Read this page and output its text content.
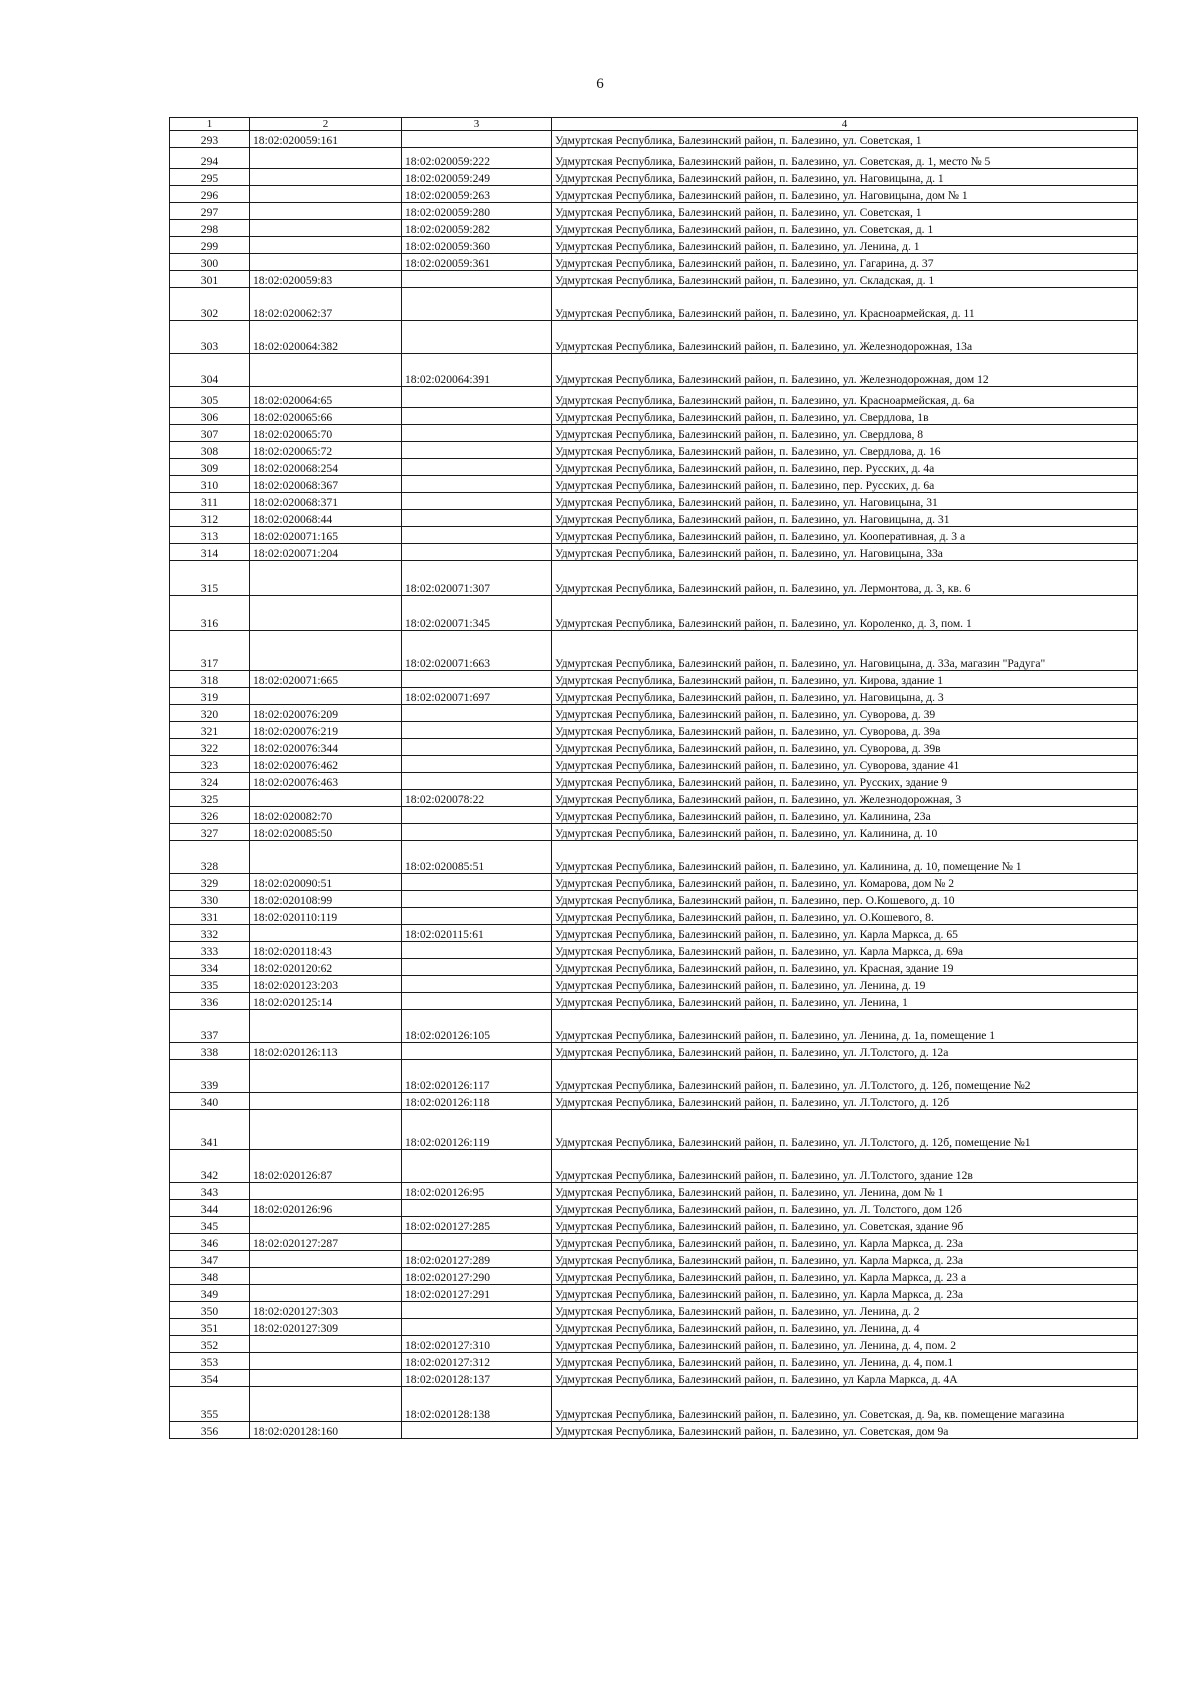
6
1	2	3	4
293	18:02:020059:161		Удмуртская Республика, Балезинский район, п. Балезино, ул. Советская, 1
294		18:02:020059:222	Удмуртская Республика, Балезинский район, п. Балезино, ул. Советская, д. 1, место № 5
295		18:02:020059:249	Удмуртская Республика, Балезинский район, п. Балезино, ул. Наговицына, д. 1
296		18:02:020059:263	Удмуртская Республика, Балезинский район, п. Балезино, ул. Наговицына, дом № 1
297		18:02:020059:280	Удмуртская Республика, Балезинский район, п. Балезино, ул. Советская, 1
298		18:02:020059:282	Удмуртская Республика, Балезинский район, п. Балезино, ул. Советская, д. 1
299		18:02:020059:360	Удмуртская Республика, Балезинский район, п. Балезино, ул. Ленина, д. 1
300		18:02:020059:361	Удмуртская Республика, Балезинский район, п. Балезино, ул. Гагарина, д. 37
301	18:02:020059:83		Удмуртская Республика, Балезинский район, п. Балезино, ул. Складская, д. 1
302	18:02:020062:37		Удмуртская Республика, Балезинский район, п. Балезино, ул. Красноармейская, д. 11
303	18:02:020064:382		Удмуртская Республика, Балезинский район, п. Балезино, ул. Железнодорожная, 13а
304		18:02:020064:391	Удмуртская Республика, Балезинский район, п. Балезино, ул. Железнодорожная, дом 12
305	18:02:020064:65		Удмуртская Республика, Балезинский район, п. Балезино, ул. Красноармейская, д. 6а
306	18:02:020065:66		Удмуртская Республика, Балезинский район, п. Балезино, ул. Свердлова, 1в
307	18:02:020065:70		Удмуртская Республика, Балезинский район, п. Балезино, ул. Свердлова, 8
308	18:02:020065:72		Удмуртская Республика, Балезинский район, п. Балезино, ул. Свердлова, д. 16
309	18:02:020068:254		Удмуртская Республика, Балезинский район, п. Балезино, пер. Русских, д. 4а
310	18:02:020068:367		Удмуртская Республика, Балезинский район, п. Балезино, пер. Русских, д. 6а
311	18:02:020068:371		Удмуртская Республика, Балезинский район, п. Балезино, ул. Наговицына, 31
312	18:02:020068:44		Удмуртская Республика, Балезинский район, п. Балезино, ул. Наговицына, д. 31
313	18:02:020071:165		Удмуртская Республика, Балезинский район, п. Балезино, ул. Кооперативная, д. 3 а
314	18:02:020071:204		Удмуртская Республика, Балезинский район, п. Балезино, ул. Наговицына, 33а
315		18:02:020071:307	Удмуртская Республика, Балезинский район, п. Балезино, ул. Лермонтова, д. 3, кв. 6
316		18:02:020071:345	Удмуртская Республика, Балезинский район, п. Балезино, ул. Короленко, д. 3, пом. 1
317		18:02:020071:663	Удмуртская Республика, Балезинский район, п. Балезино, ул. Наговицына, д. 33а, магазин "Радуга"
318	18:02:020071:665		Удмуртская Республика, Балезинский район, п. Балезино, ул. Кирова, здание 1
319		18:02:020071:697	Удмуртская Республика, Балезинский район, п. Балезино, ул. Наговицына, д. 3
320	18:02:020076:209		Удмуртская Республика, Балезинский район, п. Балезино, ул. Суворова, д. 39
321	18:02:020076:219		Удмуртская Республика, Балезинский район, п. Балезино, ул. Суворова, д. 39а
322	18:02:020076:344		Удмуртская Республика, Балезинский район, п. Балезино, ул. Суворова, д. 39в
323	18:02:020076:462		Удмуртская Республика, Балезинский район, п. Балезино, ул. Суворова, здание 41
324	18:02:020076:463		Удмуртская Республика, Балезинский район, п. Балезино, ул. Русских, здание 9
325		18:02:020078:22	Удмуртская Республика, Балезинский район, п. Балезино, ул. Железнодорожная, 3
326	18:02:020082:70		Удмуртская Республика, Балезинский район, п. Балезино, ул. Калинина, 23а
327	18:02:020085:50		Удмуртская Республика, Балезинский район, п. Балезино, ул. Калинина, д. 10
328		18:02:020085:51	Удмуртская Республика, Балезинский район, п. Балезино, ул. Калинина, д. 10, помещение № 1
329	18:02:020090:51		Удмуртская Республика, Балезинский район, п. Балезино, ул. Комарова, дом № 2
330	18:02:020108:99		Удмуртская Республика, Балезинский район, п. Балезино, пер. О.Кошевого, д. 10
331	18:02:020110:119		Удмуртская Республика, Балезинский район, п. Балезино, ул. О.Кошевого, 8.
332		18:02:020115:61	Удмуртская Республика, Балезинский район, п. Балезино, ул. Карла Маркса, д. 65
333	18:02:020118:43		Удмуртская Республика, Балезинский район, п. Балезино, ул. Карла Маркса, д. 69а
334	18:02:020120:62		Удмуртская Республика, Балезинский район, п. Балезино, ул. Красная, здание 19
335	18:02:020123:203		Удмуртская Республика, Балезинский район, п. Балезино, ул. Ленина, д. 19
336	18:02:020125:14		Удмуртская Республика, Балезинский район, п. Балезино, ул. Ленина, 1
337		18:02:020126:105	Удмуртская Республика, Балезинский район, п. Балезино, ул. Ленина, д. 1а, помещение 1
338	18:02:020126:113		Удмуртская Республика, Балезинский район, п. Балезино, ул. Л.Толстого, д. 12а
339		18:02:020126:117	Удмуртская Республика, Балезинский район, п. Балезино, ул. Л.Толстого, д. 12б, помещение №2
340		18:02:020126:118	Удмуртская Республика, Балезинский район, п. Балезино, ул. Л.Толстого, д. 12б
341		18:02:020126:119	Удмуртская Республика, Балезинский район, п. Балезино, ул. Л.Толстого, д. 12б, помещение №1
342	18:02:020126:87		Удмуртская Республика, Балезинский район, п. Балезино, ул. Л.Толстого, здание 12в
343		18:02:020126:95	Удмуртская Республика, Балезинский район, п. Балезино, ул. Ленина, дом № 1
344	18:02:020126:96		Удмуртская Республика, Балезинский район, п. Балезино, ул. Л. Толстого, дом 12б
345		18:02:020127:285	Удмуртская Республика, Балезинский район, п. Балезино, ул. Советская, здание 9б
346	18:02:020127:287		Удмуртская Республика, Балезинский район, п. Балезино, ул. Карла Маркса, д. 23а
347		18:02:020127:289	Удмуртская Республика, Балезинский район, п. Балезино, ул. Карла Маркса, д. 23а
348		18:02:020127:290	Удмуртская Республика, Балезинский район, п. Балезино, ул. Карла Маркса, д. 23 а
349		18:02:020127:291	Удмуртская Республика, Балезинский район, п. Балезино, ул. Карла Маркса, д. 23а
350	18:02:020127:303		Удмуртская Республика, Балезинский район, п. Балезино, ул. Ленина, д. 2
351	18:02:020127:309		Удмуртская Республика, Балезинский район, п. Балезино, ул. Ленина, д. 4
352		18:02:020127:310	Удмуртская Республика, Балезинский район, п. Балезино, ул. Ленина, д. 4, пом. 2
353		18:02:020127:312	Удмуртская Республика, Балезинский район, п. Балезино, ул. Ленина, д. 4, пом.1
354		18:02:020128:137	Удмуртская Республика, Балезинский район, п. Балезино, ул Карла Маркса, д. 4А
355		18:02:020128:138	Удмуртская Республика, Балезинский район, п. Балезино, ул. Советская, д. 9а, кв. помещение магазина
356	18:02:020128:160		Удмуртская Республика, Балезинский район, п. Балезино, ул. Советская, дом 9а
